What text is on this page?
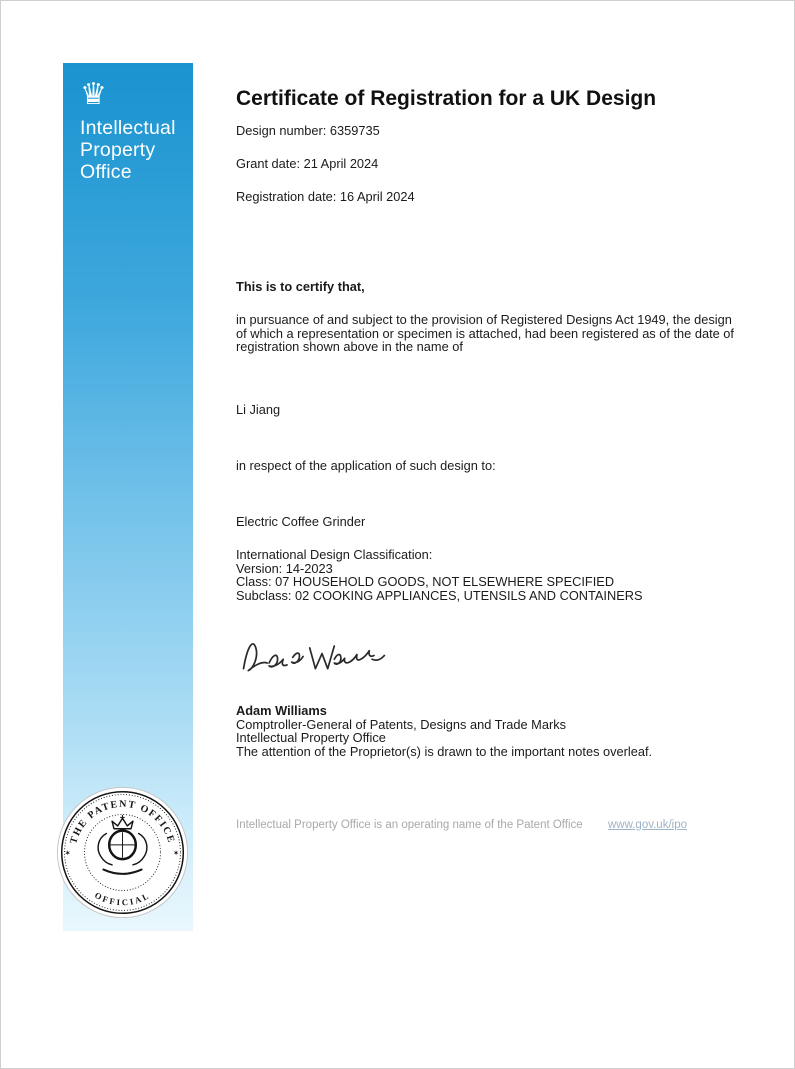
♛
Intellectual
Property
Office
THE PATENT OFFICE
OFFICIAL
✶	✶
Certificate of Registration for a UK Design

Design number: 6359735

Grant date: 21 April 2024

Registration date: 16 April 2024

This is to certify that,

in pursuance of and subject to the provision of Registered Designs Act 1949, the design of which a representation or specimen is attached, had been registered as of the date of registration shown above in the name of

Li Jiang

in respect of the application of such design to:

Electric Coffee Grinder

International Design Classification:
Version: 14-2023
Class: 07 HOUSEHOLD GOODS, NOT ELSEWHERE SPECIFIED
Subclass: 02 COOKING APPLIANCES, UTENSILS AND CONTAINERS
Adam Williams
Comptroller-General of Patents, Designs and Trade Marks
Intellectual Property Office
The attention of the Proprietor(s) is drawn to the important notes overleaf.
Intellectual Property Office is an operating name of the Patent Office www.gov.uk/ipo
